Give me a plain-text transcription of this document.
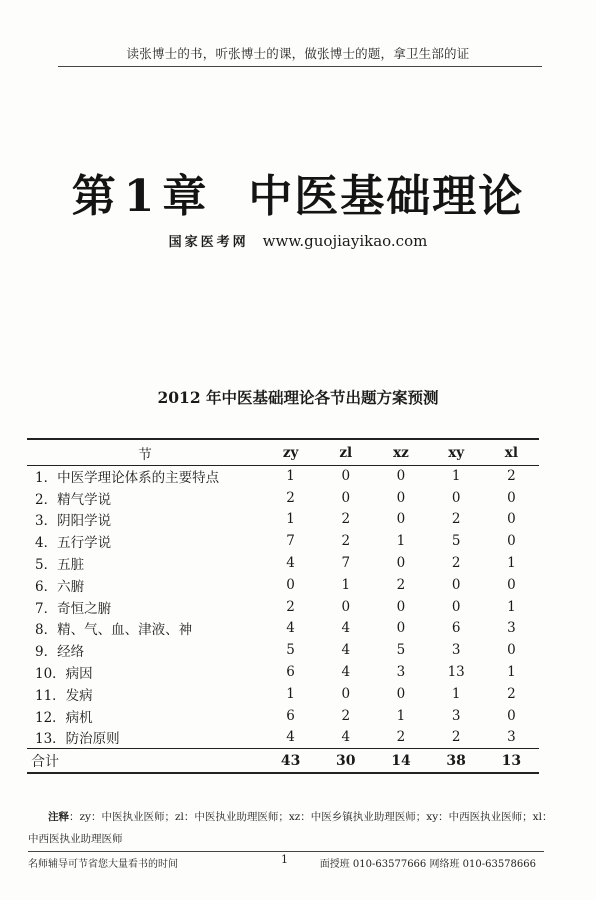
读张博士的书，听张博士的课，做张博士的题，拿卫生部的证
第 1 章 中医基础理论
国家医考网 www.guojiayikao.com
2012 年中医基础理论各节出题方案预测
节	zy	zl	xz	xy	xl
1．中医学理论体系的主要特点	1	0	0	1	2
2．精气学说	2	0	0	0	0
3．阴阳学说	1	2	0	2	0
4．五行学说	7	2	1	5	0
5．五脏	4	7	0	2	1
6．六腑	0	1	2	0	0
7．奇恒之腑	2	0	0	0	1
8．精、气、血、津液、神	4	4	0	6	3
9．经络	5	4	5	3	0
10．病因	6	4	3	13	1
11．发病	1	0	0	1	2
12．病机	6	2	1	3	0
13．防治原则	4	4	2	2	3
合计	43	30	14	38	13
注释：zy：中医执业医师；zl：中医执业助理医师；xz：中医乡镇执业助理医师；xy：中西医执业医师；xl：中西医执业助理医师
名师辅导可节省您大量看书的时间	1	面授班 010-63577666 网络班 010-63578666
